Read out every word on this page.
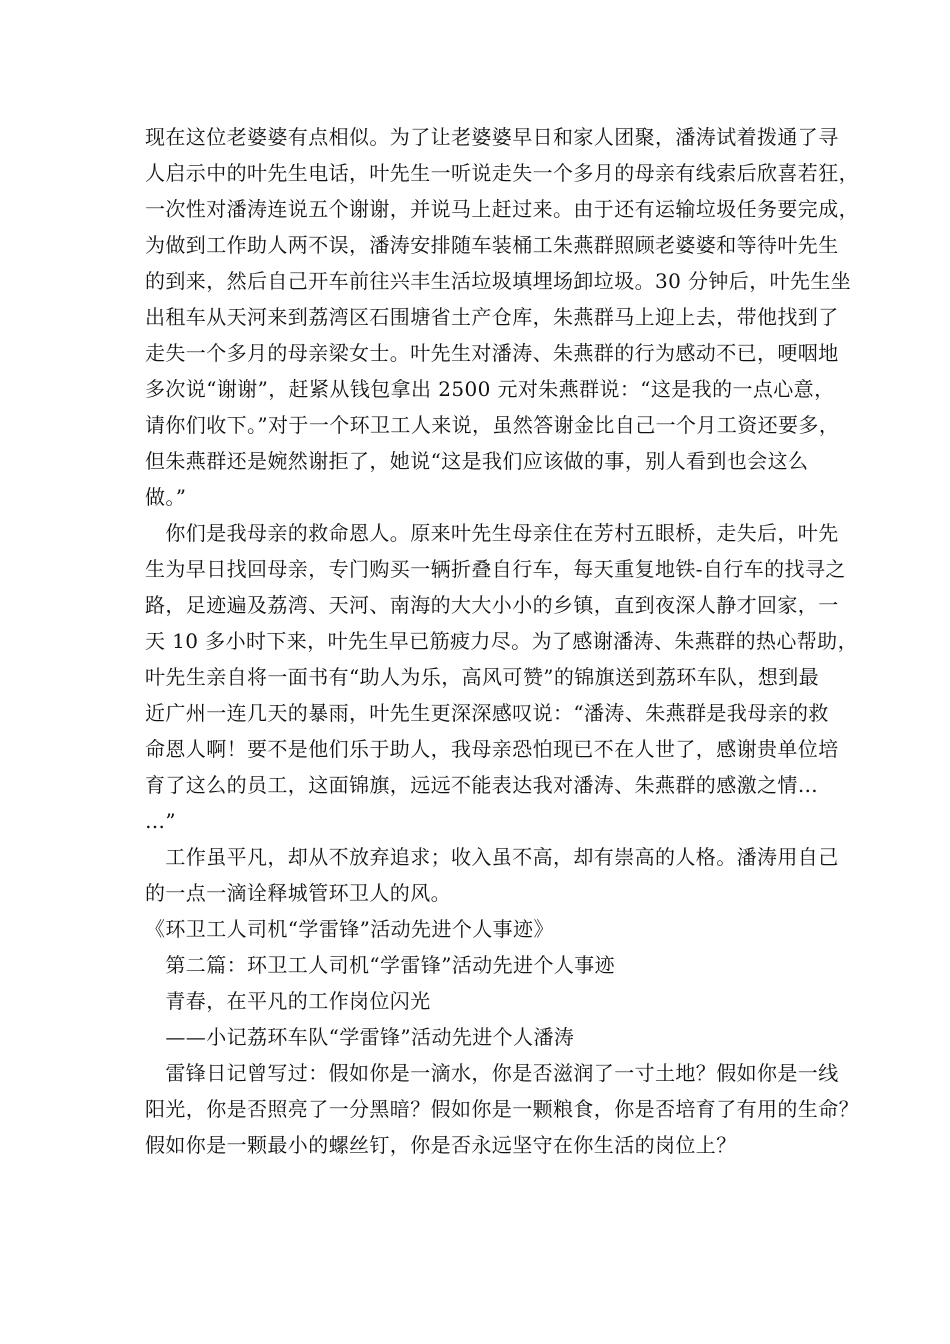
现在这位老婆婆有点相似。为了让老婆婆早日和家人团聚，潘涛试着拨通了寻
人启示中的叶先生电话，叶先生一听说走失一个多月的母亲有线索后欣喜若狂，
一次性对潘涛连说五个谢谢，并说马上赶过来。由于还有运输垃圾任务要完成，
为做到工作助人两不误，潘涛安排随车装桶工朱燕群照顾老婆婆和等待叶先生
的到来，然后自己开车前往兴丰生活垃圾填埋场卸垃圾。30 分钟后，叶先生坐
出租车从天河来到荔湾区石围塘省土产仓库，朱燕群马上迎上去，带他找到了
走失一个多月的母亲梁女士。叶先生对潘涛、朱燕群的行为感动不已，哽咽地
多次说“谢谢”，赶紧从钱包拿出 2500 元对朱燕群说：“这是我的一点心意，
请你们收下。”对于一个环卫工人来说，虽然答谢金比自己一个月工资还要多，
但朱燕群还是婉然谢拒了，她说“这是我们应该做的事，别人看到也会这么
做。”
　你们是我母亲的救命恩人。原来叶先生母亲住在芳村五眼桥，走失后，叶先
生为早日找回母亲，专门购买一辆折叠自行车，每天重复地铁-自行车的找寻之
路，足迹遍及荔湾、天河、南海的大大小小的乡镇，直到夜深人静才回家，一
天 10 多小时下来，叶先生早已筋疲力尽。为了感谢潘涛、朱燕群的热心帮助，
叶先生亲自将一面书有“助人为乐，高风可赞”的锦旗送到荔环车队，想到最
近广州一连几天的暴雨，叶先生更深深感叹说：“潘涛、朱燕群是我母亲的救
命恩人啊！要不是他们乐于助人，我母亲恐怕现已不在人世了，感谢贵单位培
育了这么的员工，这面锦旗，远远不能表达我对潘涛、朱燕群的感激之情…
…”
　工作虽平凡，却从不放弃追求；收入虽不高，却有崇高的人格。潘涛用自己
的一点一滴诠释城管环卫人的风。
《环卫工人司机“学雷锋”活动先进个人事迹》
　第二篇：环卫工人司机“学雷锋”活动先进个人事迹
　青春，在平凡的工作岗位闪光
　——小记荔环车队“学雷锋”活动先进个人潘涛
　雷锋日记曾写过：假如你是一滴水，你是否滋润了一寸土地？假如你是一线
阳光，你是否照亮了一分黑暗？假如你是一颗粮食，你是否培育了有用的生命？
假如你是一颗最小的螺丝钉，你是否永远坚守在你生活的岗位上？
